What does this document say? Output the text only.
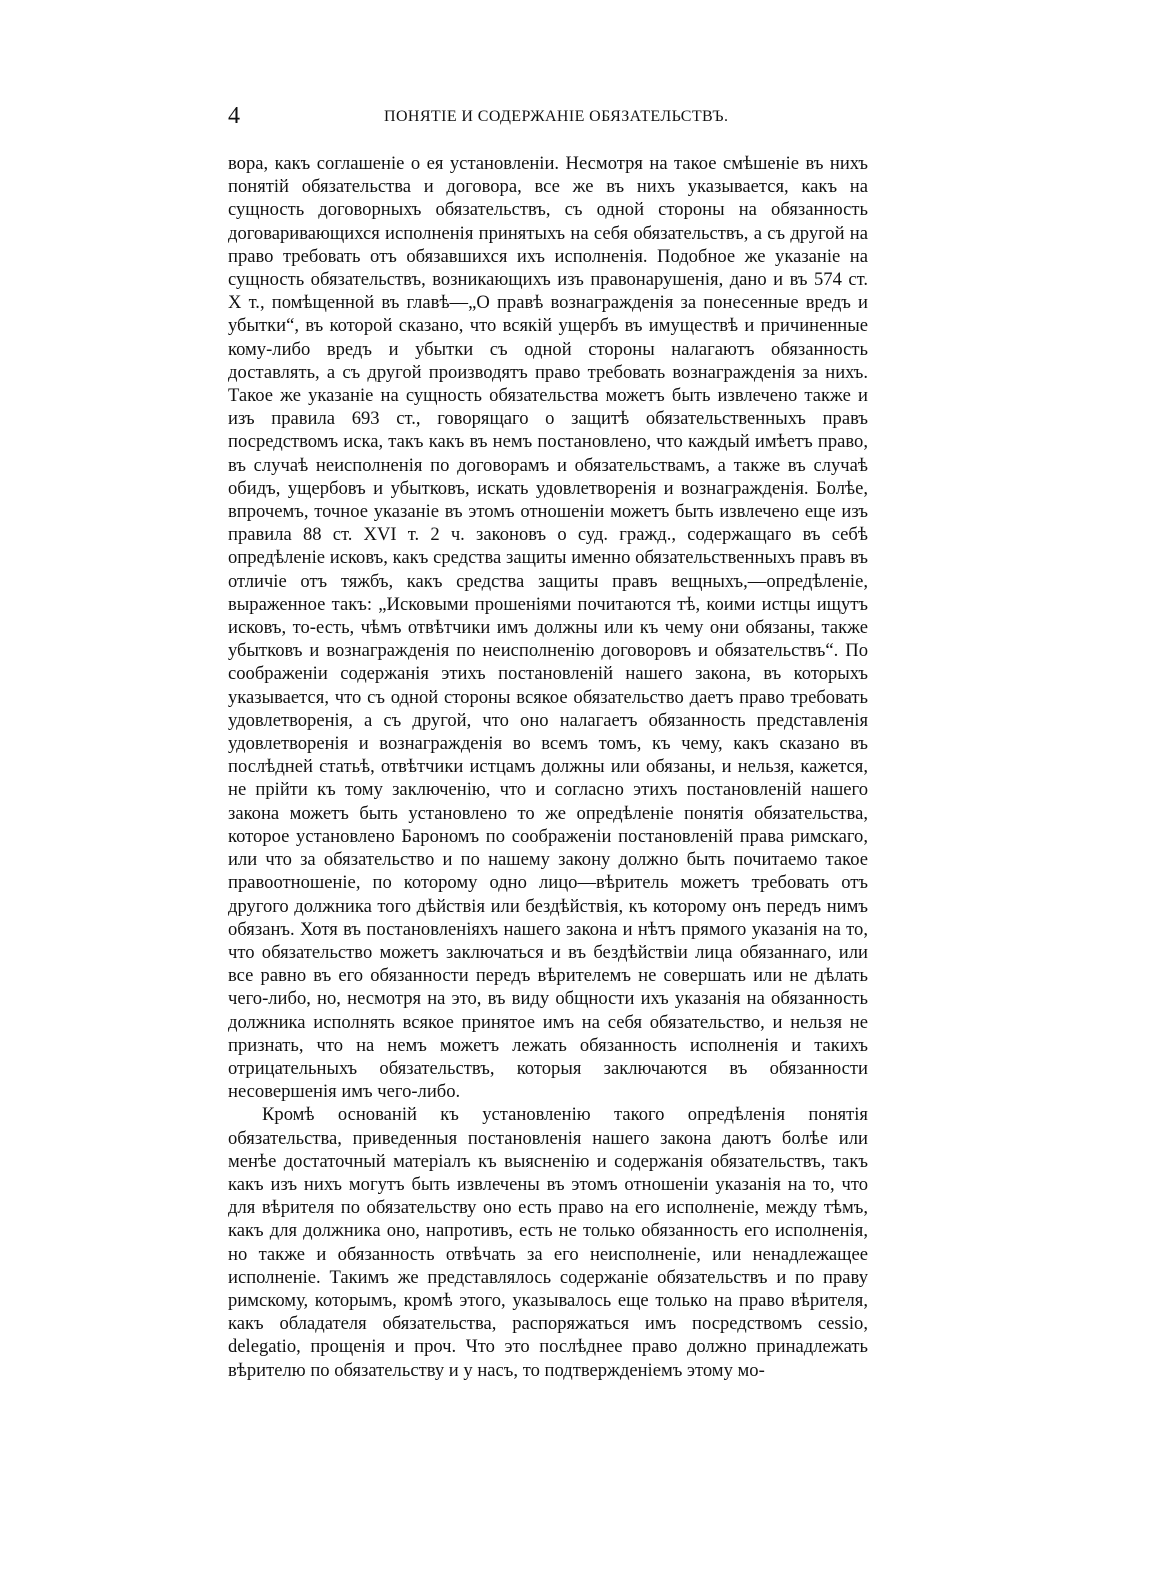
4	ПОНЯТІЕ И СОДЕРЖАНІЕ ОБЯЗАТЕЛЬСТВЪ.

вора, какъ соглашеніе о ея установленіи. Несмотря на такое смѣшеніе въ нихъ понятій обязательства и договора, все же въ нихъ указывается, какъ на сущность договорныхъ обязательствъ, съ одной стороны на обязанность договаривающихся исполненія принятыхъ на себя обязательствъ, а съ другой на право требовать отъ обязавшихся ихъ исполненія. Подобное же указаніе на сущность обязательствъ, возникающихъ изъ правонарушенія, дано и въ 574 ст. X т., помѣщенной въ главѣ—„О правѣ вознагражденія за понесенные вредъ и убытки“, въ которой сказано, что всякій ущербъ въ имуществѣ и причиненные кому-либо вредъ и убытки съ одной стороны налагаютъ обязанность доставлять, а съ другой производятъ право требовать вознагражденія за нихъ. Такое же указаніе на сущность обязательства можетъ быть извлечено также и изъ правила 693 ст., говорящаго о защитѣ обязательственныхъ правъ посредствомъ иска, такъ какъ въ немъ постановлено, что каждый имѣетъ право, въ случаѣ неисполненія по договорамъ и обязательствамъ, а также въ случаѣ обидъ, ущербовъ и убытковъ, искать удовлетворенія и вознагражденія. Болѣе, впрочемъ, точное указаніе въ этомъ отношеніи можетъ быть извлечено еще изъ правила 88 ст. XVI т. 2 ч. законовъ о суд. гражд., содержащаго въ себѣ опредѣленіе исковъ, какъ средства защиты именно обязательственныхъ правъ въ отличіе отъ тяжбъ, какъ средства защиты правъ вещныхъ,—опредѣленіе, выраженное такъ: „Исковыми прошеніями почитаются тѣ, коими истцы ищутъ исковъ, то-есть, чѣмъ отвѣтчики имъ должны или къ чему они обязаны, также убытковъ и вознагражденія по неисполненію договоровъ и обязательствъ“. По соображеніи содержанія этихъ постановленій нашего закона, въ которыхъ указывается, что съ одной стороны всякое обязательство даетъ право требовать удовлетворенія, а съ другой, что оно налагаетъ обязанность представленія удовлетворенія и вознагражденія во всемъ томъ, къ чему, какъ сказано въ послѣдней статьѣ, отвѣтчики истцамъ должны или обязаны, и нельзя, кажется, не прійти къ тому заключенію, что и согласно этихъ постановленій нашего закона можетъ быть установлено то же опредѣленіе понятія обязательства, которое установлено Барономъ по соображеніи постановленій права римскаго, или что за обязательство и по нашему закону должно быть почитаемо такое правоотношеніе, по которому одно лицо—вѣритель можетъ требовать отъ другого должника того дѣйствія или бездѣйствія, къ которому онъ передъ нимъ обязанъ. Хотя въ постановленіяхъ нашего закона и нѣтъ прямого указанія на то, что обязательство можетъ заключаться и въ бездѣйствіи лица обязаннаго, или все равно въ его обязанности передъ вѣрителемъ не совершать или не дѣлать чего-либо, но, несмотря на это, въ виду общности ихъ указанія на обязанность должника исполнять всякое принятое имъ на себя обязательство, и нельзя не признать, что на немъ можетъ лежать обязанность исполненія и такихъ отрицательныхъ обязательствъ, которыя заключаются въ обязанности несовершенія имъ чего-либо.

Кромѣ основаній къ установленію такого опредѣленія понятія обязательства, приведенныя постановленія нашего закона даютъ болѣе или менѣе достаточный матеріалъ къ выясненію и содержанія обязательствъ, такъ какъ изъ нихъ могутъ быть извлечены въ этомъ отношеніи указанія на то, что для вѣрителя по обязательству оно есть право на его исполненіе, между тѣмъ, какъ для должника оно, напротивъ, есть не только обязанность его исполненія, но также и обязанность отвѣчать за его неисполненіе, или ненадлежащее исполненіе. Такимъ же представлялось содержаніе обязательствъ и по праву римскому, которымъ, кромѣ этого, указывалось еще только на право вѣрителя, какъ обладателя обязательства, распоряжаться имъ посредствомъ cessio, delegatio, прощенія и проч. Что это послѣднее право должно принадлежать вѣрителю по обязательству и у насъ, то подтвержденіемъ этому мо-
